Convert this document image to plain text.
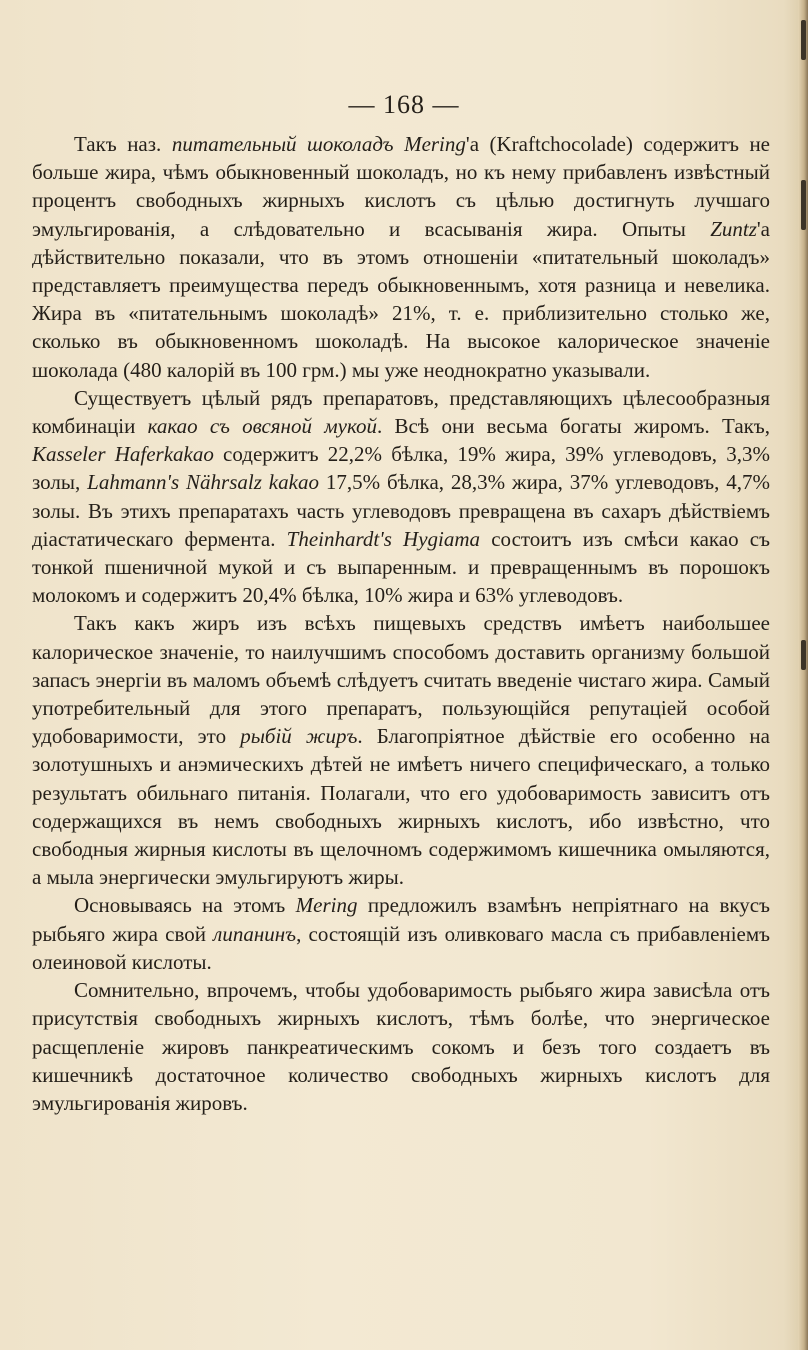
— 168 —

Такъ наз. питательный шоколадъ Mering'а (Kraftchocolade) содержитъ не больше жира, чѣмъ обыкновенный шоколадъ, но къ нему прибавленъ извѣстный процентъ свободныхъ жирныхъ кислотъ съ цѣлью достигнуть лучшаго эмульгированія, а слѣдовательно и всасыванія жира. Опыты Zuntz'а дѣйствительно показали, что въ этомъ отношеніи «питательный шоколадъ» представляетъ преимущества передъ обыкновеннымъ, хотя разница и невелика. Жира въ «питательнымъ шоколадѣ» 21%, т. е. приблизительно столько же, сколько въ обыкновенномъ шоколадѣ. На высокое калорическое значеніе шоколада (480 калорій въ 100 грм.) мы уже неоднократно указывали.

Существуетъ цѣлый рядъ препаратовъ, представляющихъ цѣлесообразныя комбинаціи какао съ овсяной мукой. Всѣ они весьма богаты жиромъ. Такъ, Kasseler Haferkakao содержитъ 22,2% бѣлка, 19% жира, 39% углеводовъ, 3,3% золы, Lahmann's Nährsalz kakao 17,5% бѣлка, 28,3% жира, 37% углеводовъ, 4,7% золы. Въ этихъ препаратахъ часть углеводовъ превращена въ сахаръ дѣйствіемъ діастатическаго фермента. Theinhardt's Hygiama состоитъ изъ смѣси какао съ тонкой пшеничной мукой и съ выпаренным. и превращеннымъ въ порошокъ молокомъ и содержитъ 20,4% бѣлка, 10% жира и 63% углеводовъ.

Такъ какъ жиръ изъ всѣхъ пищевыхъ средствъ имѣетъ наибольшее калорическое значеніе, то наилучшимъ способомъ доставить организму большой запасъ энергіи въ маломъ объемѣ слѣдуетъ считать введеніе чистаго жира. Самый употребительный для этого препаратъ, пользующійся репутаціей особой удобоваримости, это рыбій жиръ. Благопріятное дѣйствіе его особенно на золотушныхъ и анэмическихъ дѣтей не имѣетъ ничего специфическаго, а только результатъ обильнаго питанія. Полагали, что его удобоваримость зависитъ отъ содержащихся въ немъ свободныхъ жирныхъ кислотъ, ибо извѣстно, что свободныя жирныя кислоты въ щелочномъ содержимомъ кишечника омыляются, а мыла энергически эмульгируютъ жиры.

Основываясь на этомъ Mering предложилъ взамѣнъ непріятнаго на вкусъ рыбьяго жира свой липанинъ, состоящій изъ оливковаго масла съ прибавленіемъ олеиновой кислоты.

Сомнительно, впрочемъ, чтобы удобоваримость рыбьяго жира зависѣла отъ присутствія свободныхъ жирныхъ кислотъ, тѣмъ болѣе, что энергическое расщепленіе жировъ панкреатическимъ сокомъ и безъ того создаетъ въ кишечникѣ достаточное количество свободныхъ жирныхъ кислотъ для эмульгированія жировъ.
